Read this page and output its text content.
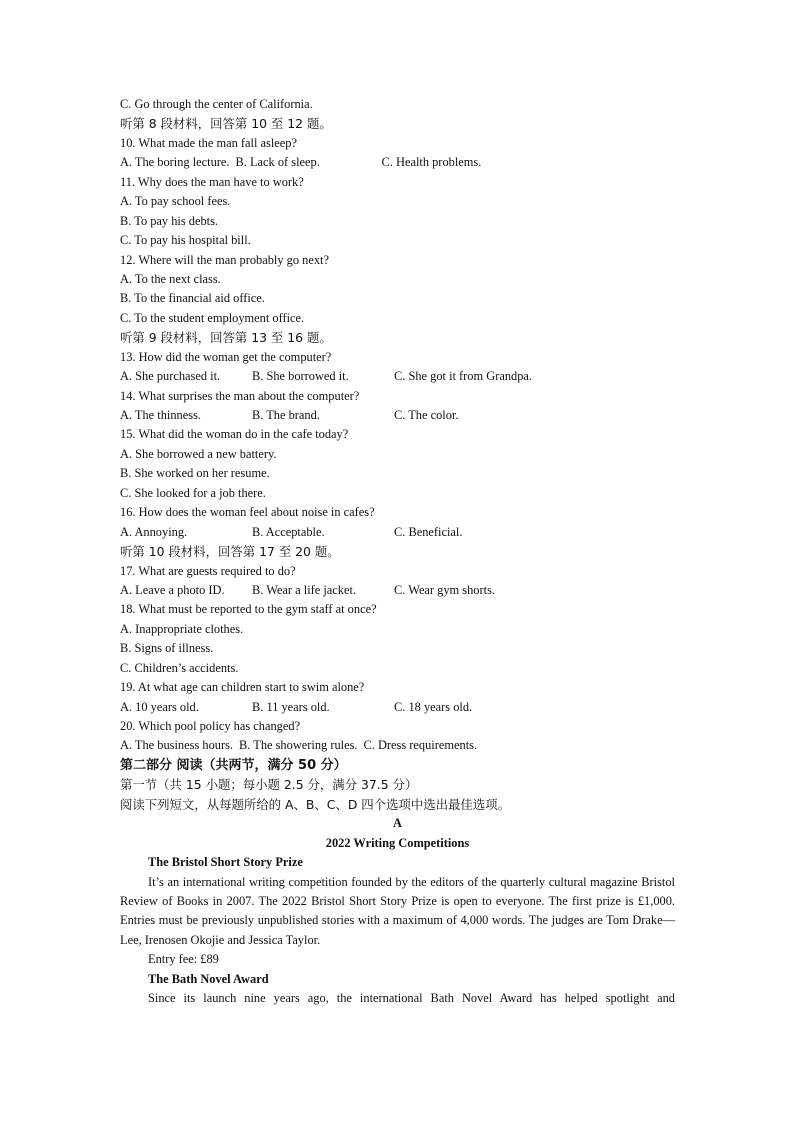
C. Go through the center of California.
听第 8 段材料，回答第 10 至 12 题。
10. What made the man fall asleep?
A. The boring lecture. B. Lack of sleep.	C. Health problems.
11. Why does the man have to work?
A. To pay school fees.
B. To pay his debts.
C. To pay his hospital bill.
12. Where will the man probably go next?
A. To the next class.
B. To the financial aid office.
C. To the student employment office.
听第 9 段材料，回答第 13 至 16 题。
13. How did the woman get the computer?
A. She purchased it.	B. She borrowed it.	C. She got it from Grandpa.
14. What surprises the man about the computer?
A. The thinness.	B. The brand.	C. The color.
15. What did the woman do in the cafe today?
A. She borrowed a new battery.
B. She worked on her resume.
C. She looked for a job there.
16. How does the woman feel about noise in cafes?
A. Annoying.	B. Acceptable.	C. Beneficial.
听第 10 段材料，回答第 17 至 20 题。
17. What are guests required to do?
A. Leave a photo ID.	B. Wear a life jacket.	C. Wear gym shorts.
18. What must be reported to the gym staff at once?
A. Inappropriate clothes.
B. Signs of illness.
C. Children’s accidents.
19. At what age can children start to swim alone?
A. 10 years old.	B. 11 years old.	C. 18 years old.
20. Which pool policy has changed?
A. The business hours. B. The showering rules. C. Dress requirements.
第二部分 阅读（共两节，满分 50 分）
第一节（共 15 小题；每小题 2.5 分，满分 37.5 分）
阅读下列短文，从每题所给的 A、B、C、D 四个选项中选出最佳选项。
A
2022 Writing Competitions
The Bristol Short Story Prize
It’s an international writing competition founded by the editors of the quarterly cultural magazine Bristol Review of Books in 2007. The 2022 Bristol Short Story Prize is open to everyone. The first prize is £1,000. Entries must be previously unpublished stories with a maximum of 4,000 words. The judges are Tom Drake—Lee, Irenosen Okojie and Jessica Taylor.
Entry fee: £89
The Bath Novel Award
Since its launch nine years ago, the international Bath Novel Award has helped spotlight and
